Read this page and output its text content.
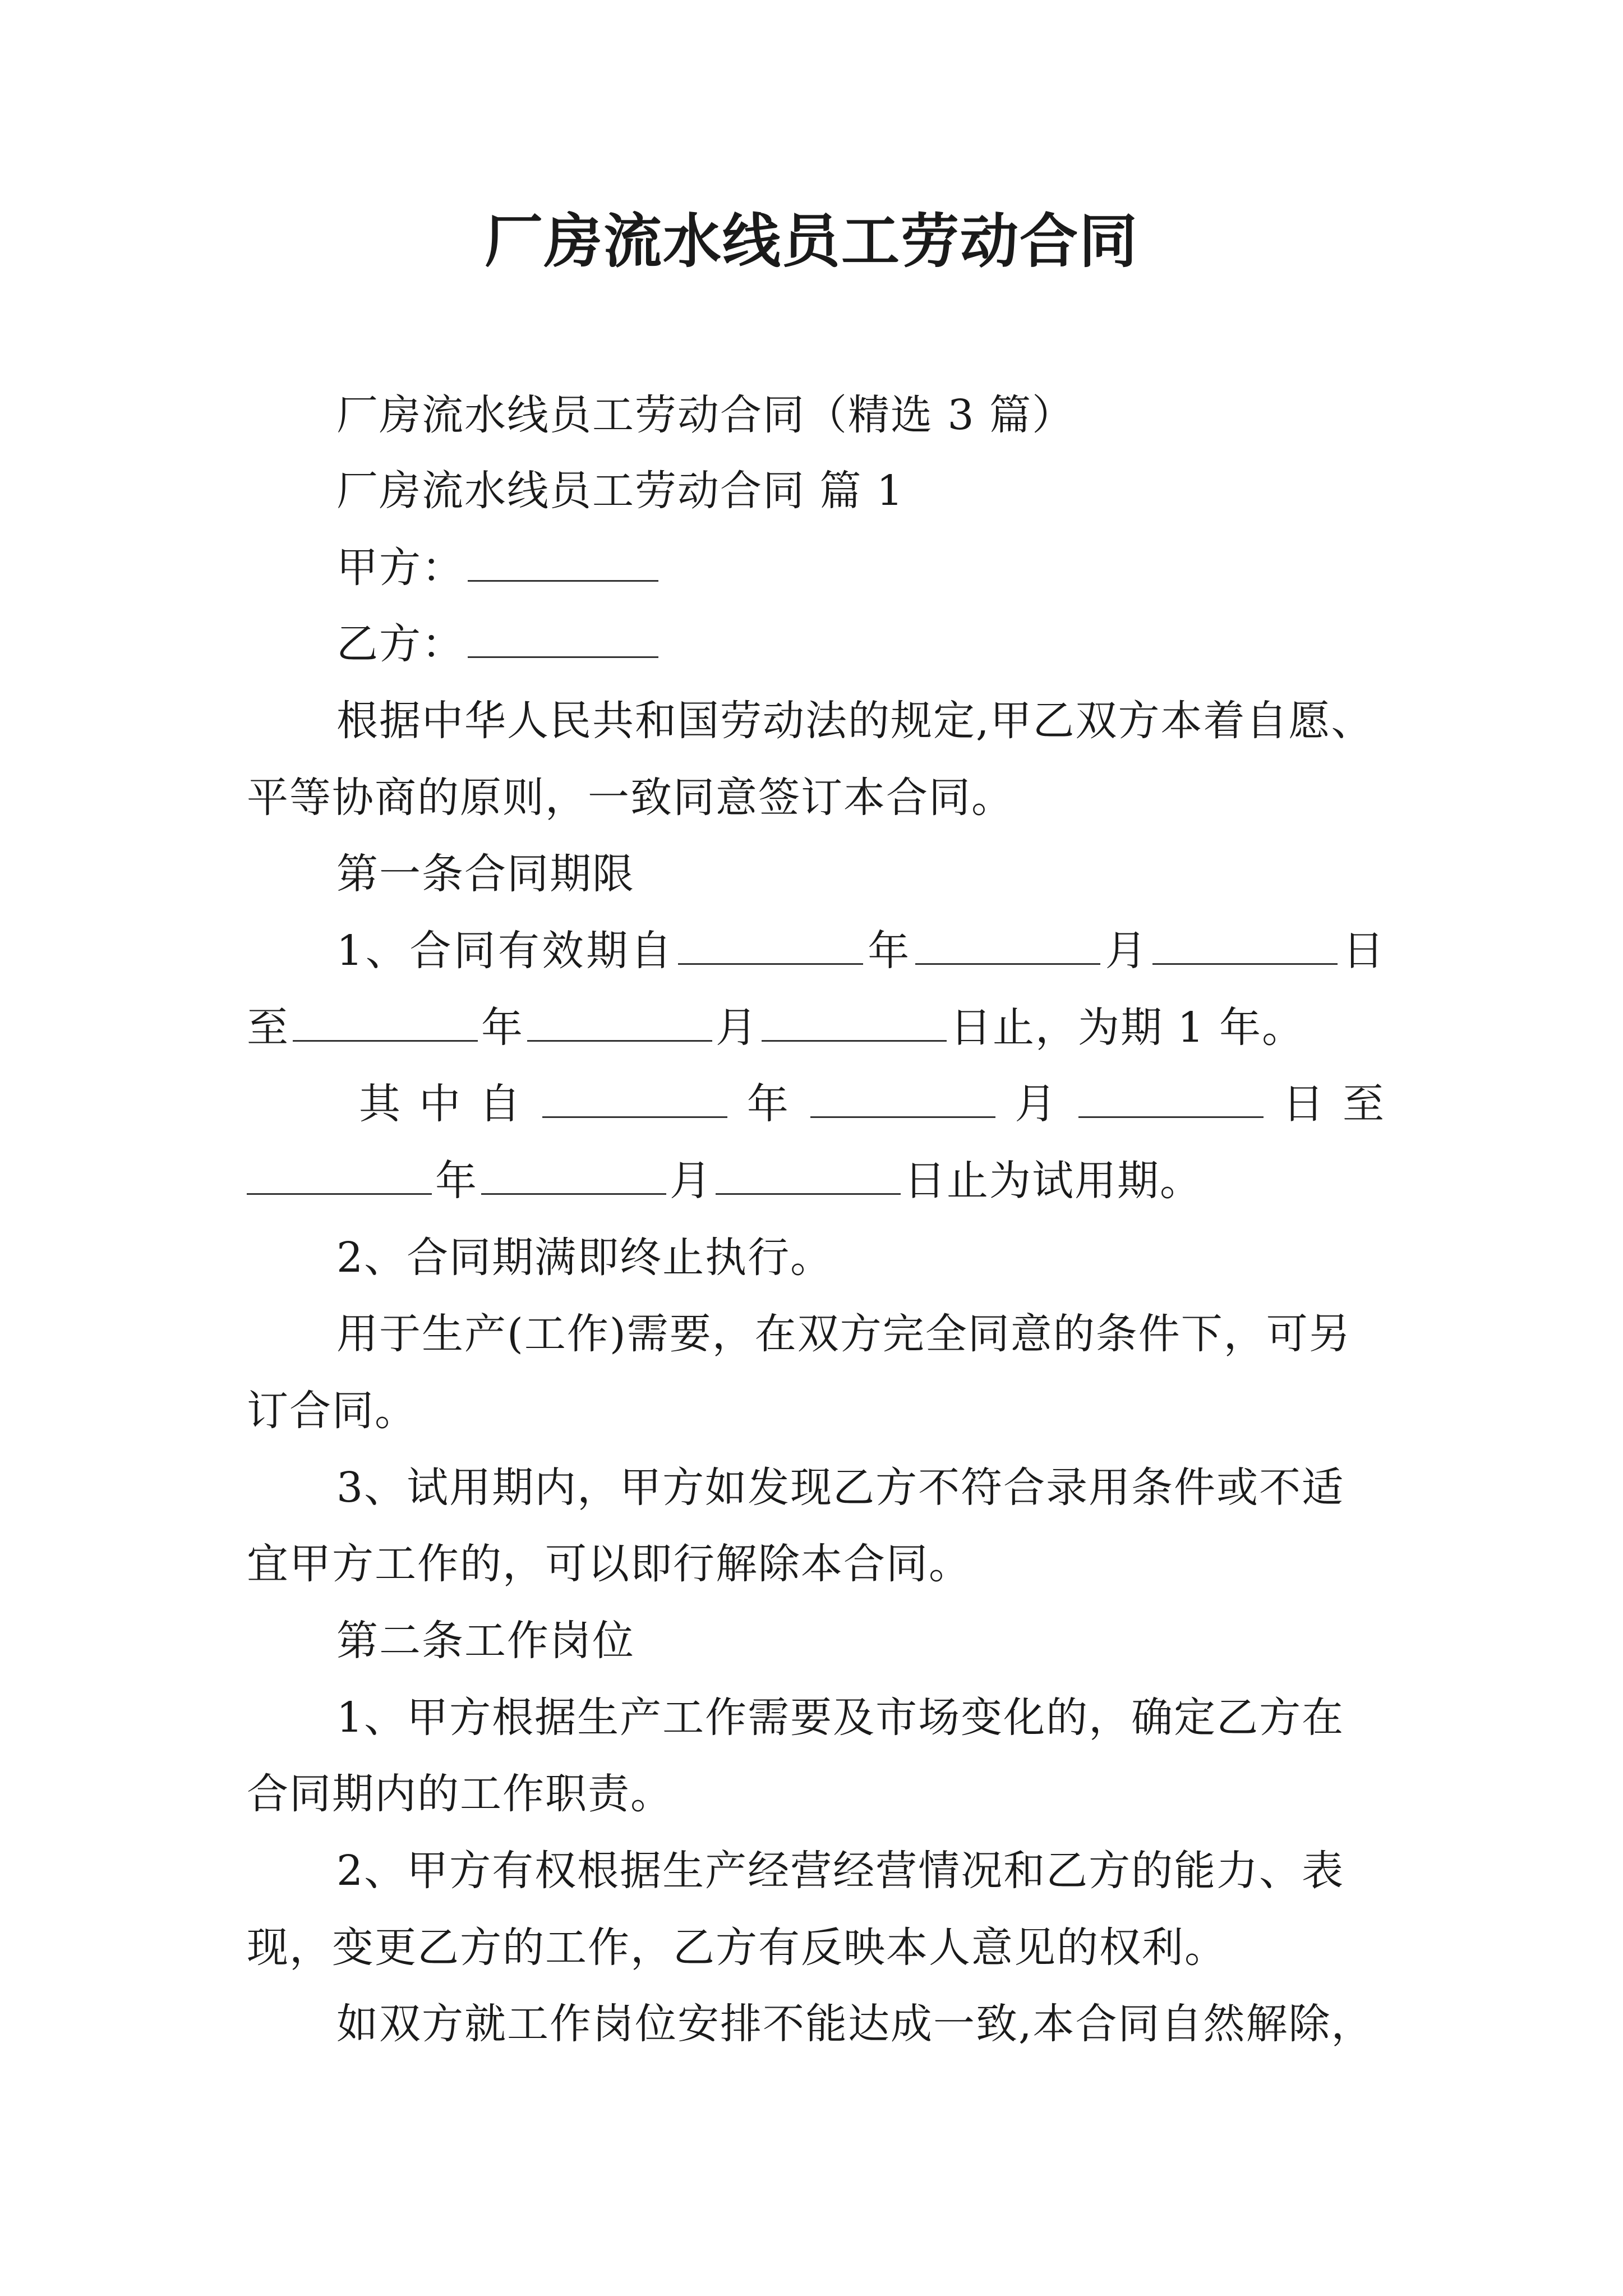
厂房流水线员工劳动合同
厂房流水线员工劳动合同（精选 3 篇）
厂房流水线员工劳动合同 篇 1
甲方：
乙方：
根据中华人民共和国劳动法的规定,甲乙双方本着自愿、
平等协商的原则，一致同意签订本合同。
第一条合同期限
1、合同有效期自	年	月	日
至	年	月	日止，为期 1 年。
其 中 自	年	月	日 至
年	月	日止为试用期。
2、合同期满即终止执行。
用于生产(工作)需要，在双方完全同意的条件下，可另
订合同。
3、试用期内，甲方如发现乙方不符合录用条件或不适
宜甲方工作的，可以即行解除本合同。
第二条工作岗位
1、甲方根据生产工作需要及市场变化的，确定乙方在
合同期内的工作职责。
2、甲方有权根据生产经营经营情况和乙方的能力、表
现，变更乙方的工作，乙方有反映本人意见的权利。
如双方就工作岗位安排不能达成一致,本合同自然解除，
